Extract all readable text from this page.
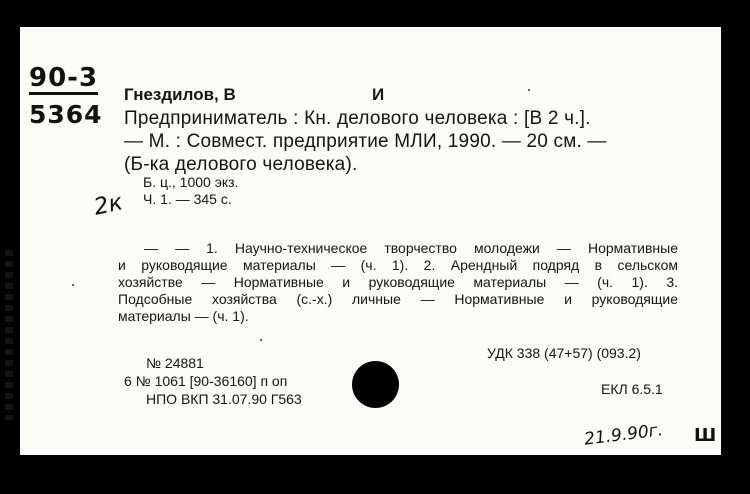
90-3
5364
2к
Гнездилов, В	И
Предприниматель : Кн. делового человека : [В 2 ч.].
— М. : Совмест. предприятие МЛИ, 1990. — 20 см. —
(Б-ка делового человека).
Б. ц., 1000 экз.
Ч. 1. — 345 с.
— — 1. Научно-техническое творчество молодежи — Нормативные
и руководящие материалы — (ч. 1). 2. Арендный подряд в сельском
хозяйстве — Нормативные и руководящие материалы — (ч. 1). 3.
Подсобные хозяйства (с.-х.) личные — Нормативные и руководящие
материалы — (ч. 1).
№ 24881
6 № 1061 [90-36160] п оп
НПО ВКП 31.07.90 Г563
УДК 338 (47+57) (093.2)
ЕКЛ 6.5.1
21.9.90г. Ш
